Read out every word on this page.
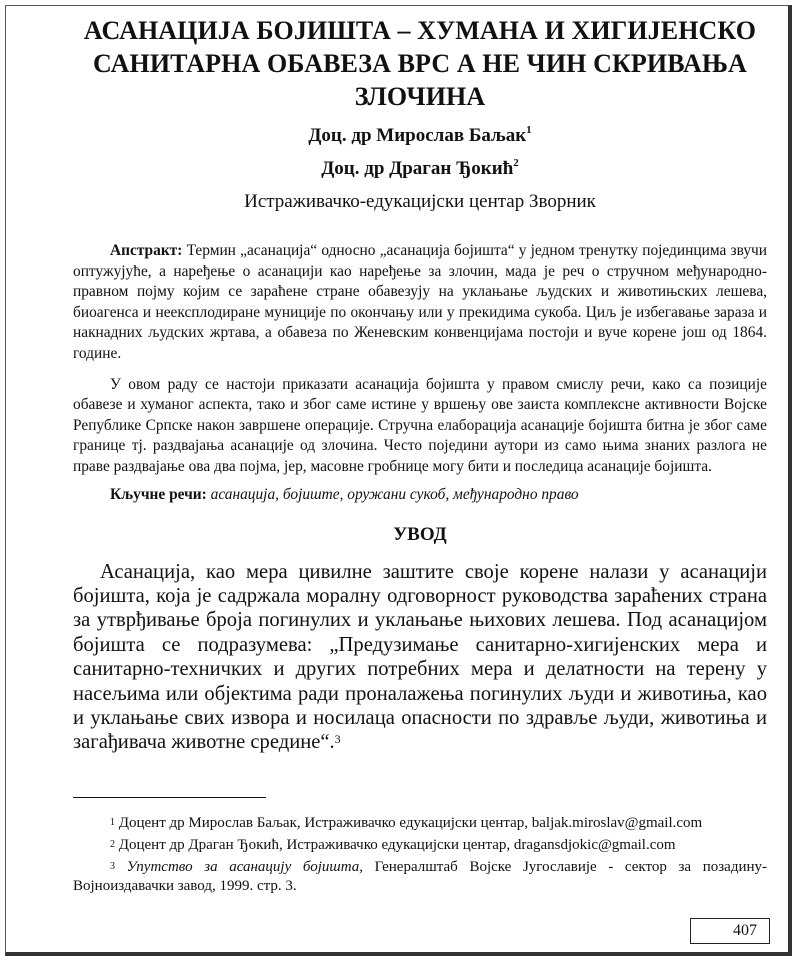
АСАНАЦИЈА БОЈИШТА – ХУМАНА И ХИГИЈЕНСКО САНИТАРНА ОБАВЕЗА ВРС А НЕ ЧИН СКРИВАЊА ЗЛОЧИНА

Доц. др Мирослав Баљак$^1$

Доц. др Драган Ђокић$^2$

Истраживачко-едукацијски центар Зворник

Апстракт: Термин „асанација“ односно „асанација бојишта“ у једном тренутку појединцима звучи оптужујуће, а наређење о асанацији као наређење за злочин, мада је реч о стручном међународно-правном појму којим се зараћене стране обавезују на уклањање људских и животињских лешева, биоагенса и неексплодиране муниције по окончању или у прекидима сукоба. Циљ је избегавање зараза и накнадних људских жртава, а обавеза по Женевским конвенцијама постоји и вуче корене још од 1864. године.

У овом раду се настоји приказати асанација бојишта у правом смислу речи, како са позиције обавезе и хуманог аспекта, тако и због саме истине у вршењу ове заиста комплексне активности Војске Републике Српске након завршене операције. Стручна елаборација асанације бојишта битна је због саме границе тј. раздвајања асанације од злочина. Често поједини аутори из само њима знаних разлога не праве раздвајање ова два појма, јер, масовне гробнице могу бити и последица асанације бојишта.

Кључне речи: асанација, бојиште, оружани сукоб, међународно право

УВОД

Асанација, као мера цивилне заштите своје корене налази у асанацији бојишта, која је садржала моралну одговорност руководства зараћених страна за утврђивање броја погинулих и уклањање њихових лешева. Под асанацијом бојишта се подразумева: „Предузимање санитарно-хигијенских мера и санитарно-техничких и других потребних мера и делатности на терену у насељима или објектима ради проналажења погинулих људи и животиња, као и уклањање свих извора и носилаца опасности по здравље људи, животиња и загађивача животне средине“.$^3$

$^1$ Доцент др Мирослав Баљак, Истраживачко едукацијски центар, baljak.miroslav@gmail.com

$^2$ Доцент др Драган Ђокић, Истраживачко едукацијски центар, dragansdjokic@gmail.com

$^3$ Упутство за асанацију бојишта, Генералштаб Војске Југославије - сектор за позадину- Војноиздавачки завод, 1999. стр. 3.

407
